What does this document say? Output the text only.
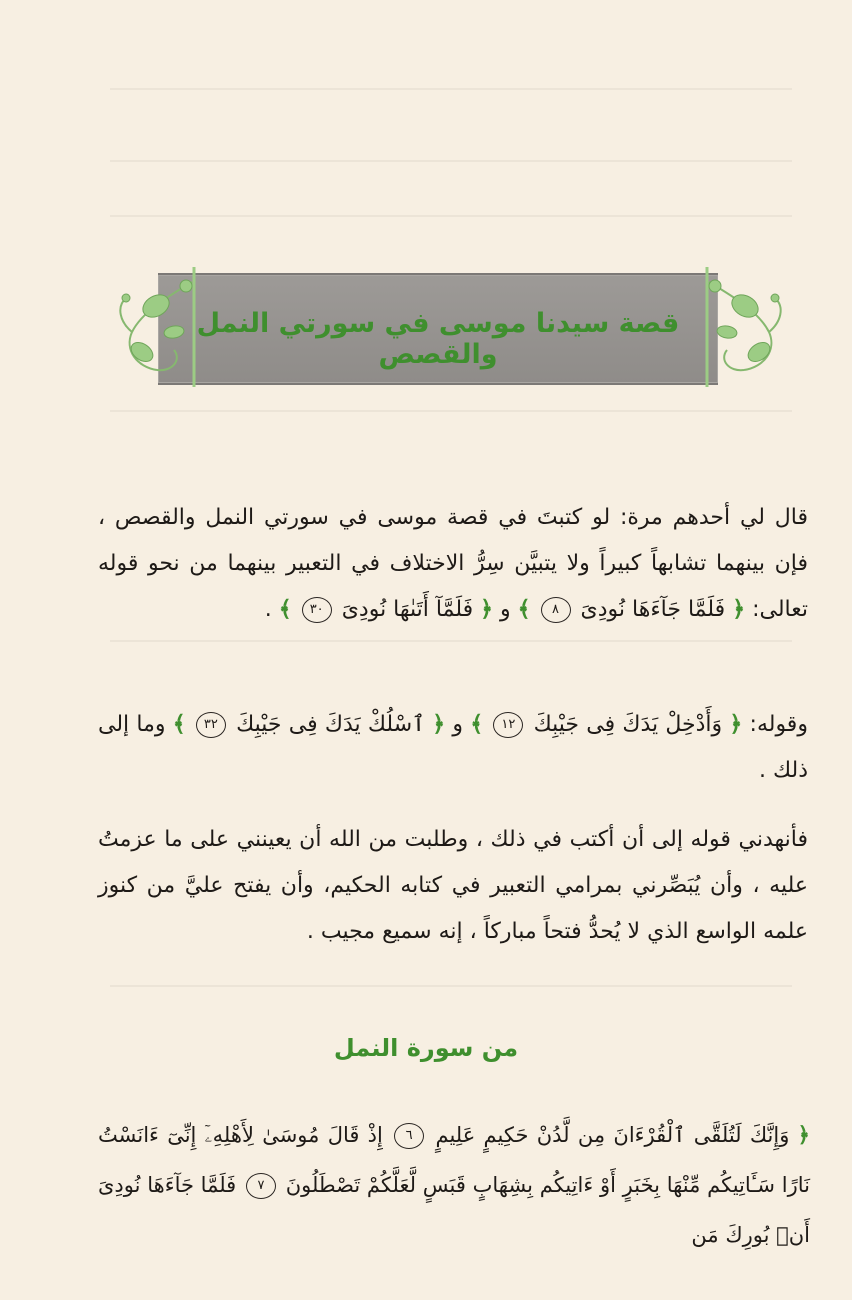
قصة سيدنا موسى في سورتي النمل والقصص
قال لي أحدهم مرة: لو كتبتَ في قصة موسى في سورتي النمل والقصص ، فإن بينهما تشابهاً كبيراً ولا يتبيَّن سِرُّ الاختلاف في التعبير بينهما من نحو قوله تعالى: ﴿ فَلَمَّا جَآءَهَا نُودِىَ ٨ ﴾ و ﴿ فَلَمَّآ أَتَىٰهَا نُودِىَ ٣٠ ﴾ .
وقوله: ﴿ وَأَدْخِلْ يَدَكَ فِى جَيْبِكَ ١٢ ﴾ و ﴿ ٱسْلُكْ يَدَكَ فِى جَيْبِكَ ٣٢ ﴾ وما إلى ذلك .
فأنهدني قوله إلى أن أكتب في ذلك ، وطلبت من الله أن يعينني على ما عزمتُ عليه ، وأن يُبَصِّرني بمرامي التعبير في كتابه الحكيم، وأن يفتح عليَّ من كنوز علمه الواسع الذي لا يُحدُّ فتحاً مباركاً ، إنه سميع مجيب .
من سورة النمل
﴿ وَإِنَّكَ لَتُلَقَّى ٱلْقُرْءَانَ مِن لَّدُنْ حَكِيمٍ عَلِيمٍ ٦ إِذْ قَالَ مُوسَىٰ لِأَهْلِهِۦٓ إِنِّىٓ ءَانَسْتُ نَارًا سَـَٔاتِيكُم مِّنْهَا بِخَبَرٍ أَوْ ءَاتِيكُم بِشِهَابٍ قَبَسٍ لَّعَلَّكُمْ تَصْطَلُونَ ٧ فَلَمَّا جَآءَهَا نُودِىَ أَنۢ بُورِكَ مَن
